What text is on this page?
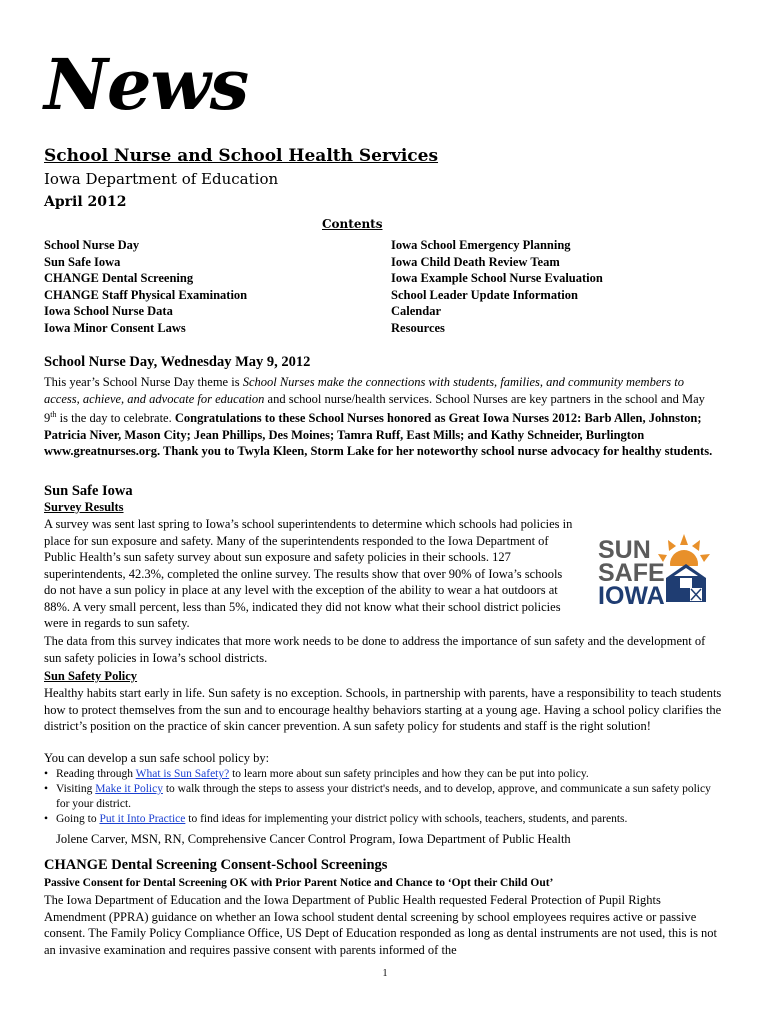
News
School Nurse and School Health Services
Iowa Department of Education
April 2012
Contents
School Nurse Day
Sun Safe Iowa
CHANGE Dental Screening
CHANGE Staff Physical Examination
Iowa School Nurse Data
Iowa Minor Consent Laws
Iowa School Emergency Planning
Iowa Child Death Review Team
Iowa Example School Nurse Evaluation
School Leader Update Information
Calendar
Resources
School Nurse Day, Wednesday May 9, 2012
This year’s School Nurse Day theme is School Nurses make the connections with students, families, and community members to access, achieve, and advocate for education and school nurse/health services. School Nurses are key partners in the school and May 9th is the day to celebrate. Congratulations to these School Nurses honored as Great Iowa Nurses 2012: Barb Allen, Johnston; Patricia Niver, Mason City; Jean Phillips, Des Moines; Tamra Ruff, East Mills; and Kathy Schneider, Burlington www.greatnurses.org. Thank you to Twyla Kleen, Storm Lake for her noteworthy school nurse advocacy for healthy students.
Sun Safe Iowa
Survey Results
A survey was sent last spring to Iowa’s school superintendents to determine which schools had policies in place for sun exposure and safety. Many of the superintendents responded to the Iowa Department of Public Health’s sun safety survey about sun exposure and safety policies in their schools. 127 superintendents, 42.3%, completed the online survey. The results show that over 90% of Iowa’s schools do not have a sun policy in place at any level with the exception of the ability to wear a hat outdoors at 88%. A very small percent, less than 5%, indicated they did not know what their school district policies were in regards to sun safety.
SUN
SAFE
IOWA
The data from this survey indicates that more work needs to be done to address the importance of sun safety and the development of sun safety policies in Iowa’s school districts.
Sun Safety Policy
Healthy habits start early in life. Sun safety is no exception. Schools, in partnership with parents, have a responsibility to teach students how to protect themselves from the sun and to encourage healthy behaviors starting at a young age. Having a school policy clarifies the district’s position on the practice of skin cancer prevention. A sun safety policy for students and staff is the right solution!
You can develop a sun safe school policy by:
• Reading through What is Sun Safety? to learn more about sun safety principles and how they can be put into policy.
• Visiting Make it Policy to walk through the steps to assess your district's needs, and to develop, approve, and communicate a sun safety policy for your district.
• Going to Put it Into Practice to find ideas for implementing your district policy with schools, teachers, students, and parents.
Jolene Carver, MSN, RN, Comprehensive Cancer Control Program, Iowa Department of Public Health
CHANGE Dental Screening Consent-School Screenings
Passive Consent for Dental Screening OK with Prior Parent Notice and Chance to ‘Opt their Child Out’
The Iowa Department of Education and the Iowa Department of Public Health requested Federal Protection of Pupil Rights Amendment (PPRA) guidance on whether an Iowa school student dental screening by school employees requires active or passive consent. The Family Policy Compliance Office, US Dept of Education responded as long as dental instruments are not used, this is not an invasive examination and requires passive consent with parents informed of the
1
